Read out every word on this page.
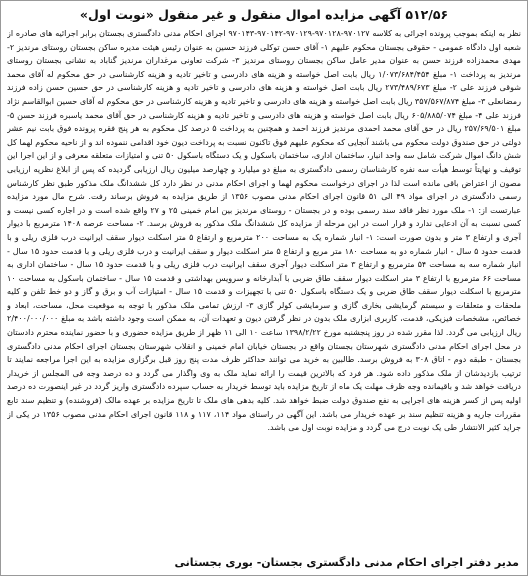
۵۱۲/۵۶ آگهی مزایده اموال منقول و غیر منقول «نوبت اول»

نظر به اینکه بموجب پرونده اجرائی به کلاسه ۹۷۰۱۲۷-۹۷۰۱۲۸-۹۷۰۱۲۹-۹۷۰۱۴۲-۹۷۰۱۴۳ اجرای احکام مدنی دادگستری بجستان برابر اجرائیه های صادره از شعبه اول دادگاه عمومی - حقوقی بجستان محکوم علیهم ۱- آقای حسن توکلی فرزند حسین به عنوان رئیس هیئت مدیره ساکن بجستان روستای مرندیز ۲- مهدی محمدزاده فرزند حسن به عنوان مدیر عامل ساکن بجستان روستای مرندیز ۳- شرکت تعاونی مرغداران مرندیز گناباد به نشانی بجستان روستای مرندیز به پرداخت ۱- مبلغ ۱/۰۷۳/۶۸۴/۴۵۴ ریال بابت اصل خواسته و هزینه های دادرسی و تاخیر تادیه و هزینه کارشناسی در حق محکوم له آقای محمد شوقی فرزند علی ۲- مبلغ ۲۷۳/۴۸۹/۶۷۳ ریال بابت اصل خواسته و هزینه های دادرسی و تاخیر تادیه و هزینه کارشناسی در حق حسین حسن زاده فرزند رمضانعلی ۳- مبلغ ۳۵۷/۵۶۷/۸۷۴ ریال بابت اصل خواسته و هزینه های دادرسی و تاخیر تادیه و هزینه کارشناسی در حق محکوم له آقای حسین ابوالقاسم نژاد فرزند علی ۴- مبلغ ۶۰۵/۸۸۵/۰۷۴ ریال بابت اصل خواسته و هزینه های دادرسی و تاخیر تادیه و هزینه کارشناسی در حق آقای محمد یاسبره فرزند حسن ۵- مبلغ ۲۵۷/۶۹/۵۰۱ ریال در حق آقای محمد احمدی مرندیز فرزند احمد و همچنین به پرداخت ۵ درصد کل محکوم به هر پنج فقره پرونده فوق بابت نیم عشر دولتی در حق صندوق دولت محکوم می باشند آنجایی که محکوم علیهم فوق تاکنون نسبت به پرداخت دیون خود اقدامی ننموده اند و از ناحیه محکوم لهما کل شش دانگ اموال شرکت شامل سه واحد انبار، ساختمان اداری، ساختمان باسکول و یک دستگاه باسکول ۵۰ تنی و امتیازات متعلقه معرفی و از این اجرا این توقیف و نهایتاً توسط هیأت سه نفره کارشناسان رسمی دادگستری به مبلغ دو میلیارد و چهارصد میلیون ریال ارزیابی گردیده که پس از ابلاغ نظریه ارزیابی مصون از اعتراض باقی مانده است لذا در اجرای درخواست محکوم لهما و اجرای احکام مدنی در نظر دارد کل ششدانگ ملک مذکور طبق نظر کارشناس رسمی دادگستری در اجرای مواد ۴۹ الی ۵۱ قانون اجرای احکام مدنی مصوب ۱۳۵۶ از طریق مزایده به فروش برساند رفت. شرح مال مورد مزایده عبارتست از: ۱- ملک مورد نظر فاقد سند رسمی بوده و در بجستان - روستای مرندیز بین امام خمینی ۲۵ و ۲۷ واقع شده است و در اجاره کسی نیست و کسی نسبت به آن ادعایی ندارد و قرار است در این مرحله از مزایده کل ششدانگ ملک مذکور به فروش برسد. ۲- مساحت عرصه ۱۴۰۸ مترمربع با دیوار آجری و ارتفاع ۳ متر و بدون صورت است: ۱- انبار شماره یک به مساحت ۲۰۰ مترمربع و ارتفاع ۵ متر اسکلت دیوار سقف ایرانیت درب فلزی ریلی و با قدمت حدود ۵ سال - انبار شماره دو به مساحت ۱۸۰ متر مربع و ارتفاع ۵ متر اسکلت دیوار و سقف ایرانیت و درب فلزی ریلی و با قدمت حدود ۱۵ سال - انبار شماره سه به مساحت ۵۴ مترمربع و ارتفاع ۳ متر اسکلت دیوار آجری سقف ایرانیت درب فلزی ریلی و با قدمت حدود ۱۵ سال - ساختمان اداری به مساحت ۶۶ مترمربع با ارتفاع ۳ متر اسکلت دیوار سقف طاق ضربی با آبدارخانه و سرویس بهداشتی و قدمت ۱۵ سال - ساختمان باسکول به مساحت ۱۰ مترمربع با اسکلت دیوار سقف طاق ضربی و یک دستگاه باسکول ۵۰ تنی با تجهیزات و قدمت ۱۵ سال - امتیازات آب و برق و گاز و دو خط تلفن و کلیه ملحقات و متعلقات و سیستم گرمایشی بخاری گازی و سرمایشی کولر گازی ۳- ارزش تمامی ملک مذکور با توجه به موقعیت محل، مساحت، ابعاد و خصائص، مشخصات فیزیکی، قدمت، کاربری ابزاری ملک بدون در نظر گرفتن دیون و تعهدات آن، به ممکن است وجود داشته باشد به مبلغ ۲/۴۰۰/۰۰۰/۰۰۰ ریال ارزیابی می گردد. لذا مقرر شده در روز پنجشنبه مورخ ۱۳۹۸/۲/۲۲ ساعت ۱۰ الی ۱۱ ظهر از طریق مزایده حضوری و با حضور نماینده محترم دادستان در محل اجرای احکام مدنی دادگستری شهرستان بجستان واقع در بجستان خیابان امام خمینی و انقلاب شهرستان بجستان اجرای احکام مدنی دادگستری بجستان - طبقه دوم - اتاق ۳۰۸ به فروش برسد. طالبین به خرید می توانند حداکثر ظرف مدت پنج روز قبل برگزاری مزایده به این اجرا مراجعه نمایند تا ترتیب بازدیدشان از ملک مذکور داده شود. هر فرد که بالاترین قیمت را ارائه نماید ملک به وی واگذار می گردد و ده درصد وجه فی المجلس از خریدار دریافت خواهد شد و باقیمانده وجه ظرف مهلت یک ماه از تاریخ مزایده باید توسط خریدار به حساب سپرده دادگستری واریز گردد در غیر اینصورت ده درصد اولیه پس از کسر هزینه های اجرایی به نفع صندوق دولت ضبط خواهد شد. کلیه بدهی های ملک تا تاریخ مزایده بر عهده مالک (فروشنده) و تنظیم سند تابع مقررات جاریه و هزینه تنظیم سند بر عهده خریدار می باشد. این آگهی در راستای مواد ۱۱۴، ۱۱۷ و ۱۱۸ قانون اجرای احکام مدنی مصوب ۱۳۵۶ در یکی از جراید کثیر الانتشار طی یک نوبت درج می گردد و مزایده نوبت اول می باشد.

مدیر دفتر اجرای احکام مدنی دادگستری بجستان- بوری بجستانی
